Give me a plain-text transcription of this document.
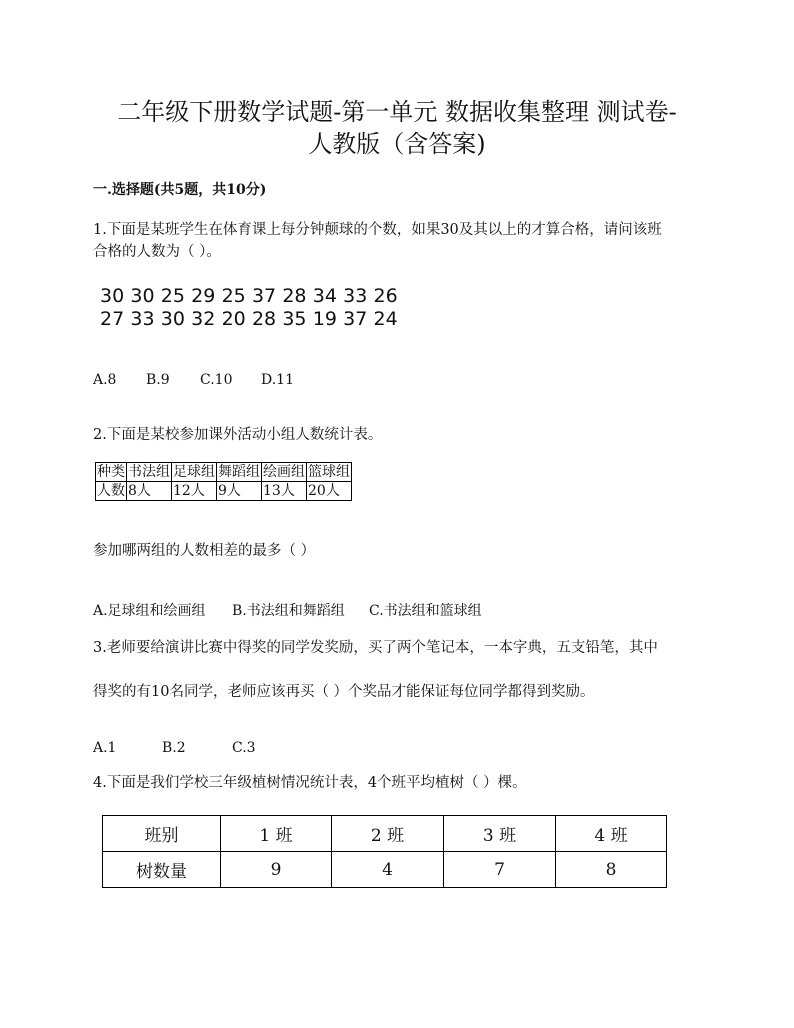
二年级下册数学试题-第一单元 数据收集整理 测试卷-
人教版（含答案)
一.选择题(共5题，共10分)
1.下面是某班学生在体育课上每分钟颠球的个数，如果30及其以上的才算合格，请问该班
合格的人数为（ ）。
30 30 25 29 25 37 28 34 33 26
27 33 30 32 20 28 35 19 37 24
A.8 B.9 C.10 D.11
2.下面是某校参加课外活动小组人数统计表。
种类	书法组	足球组	舞蹈组	绘画组	篮球组
人数	8人	12人	9人	13人	20人
参加哪两组的人数相差的最多（ ）
A.足球组和绘画组 B.书法组和舞蹈组 C.书法组和篮球组
3.老师要给演讲比赛中得奖的同学发奖励，买了两个笔记本，一本字典，五支铅笔，其中
得奖的有10名同学，老师应该再买（ ）个奖品才能保证每位同学都得到奖励。
A.1	B.2	C.3
4.下面是我们学校三年级植树情况统计表，4个班平均植树（ ）棵。
班别	1 班	2 班	3 班	4 班
树数量	9	4	7	8
